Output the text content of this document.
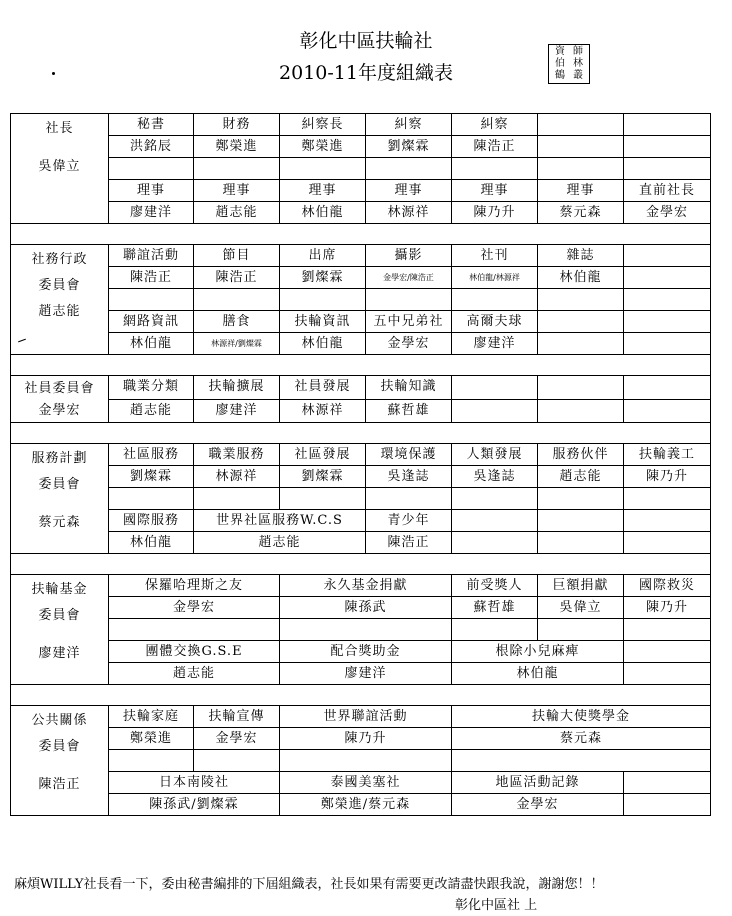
彰化中區扶輪社
2010-11年度組織表
資 師
伯 林
鶴 叢
社長
吳偉立	秘書	財務	糾察長	糾察	糾察		
	洪銘辰	鄭榮進	鄭榮進	劉燦霖	陳浩正		

	理事	理事	理事	理事	理事	理事	直前社長
	廖建洋	趙志能	林伯龍	林源祥	陳乃升	蔡元森	金學宏

社務行政
委員會
趙志能	聯誼活動	節目	出席	攝影	社刊	雜誌	
	陳浩正	陳浩正	劉燦霖	金學宏/陳浩正	林伯龍/林源祥	林伯龍	

	網路資訊	膳食	扶輪資訊	五中兄弟社	高爾夫球		
	林伯龍	林源祥/劉燦霖	林伯龍	金學宏	廖建洋		

社員委員會
金學宏	職業分類	扶輪擴展	社員發展	扶輪知識			
	趙志能	廖建洋	林源祥	蘇哲雄			

服務計劃
委員會
蔡元森	社區服務	職業服務	社區發展	環境保護	人類發展	服務伙伴	扶輪義工
	劉燦霖	林源祥	劉燦霖	吳逢誌	吳逢誌	趙志能	陳乃升

	國際服務	世界社區服務W.C.S		青少年			
	林伯龍	趙志能		陳浩正			

扶輪基金
委員會
廖建洋	保羅哈理斯之友		永久基金捐獻		前受獎人	巨額捐獻	國際救災
	金學宏		陳孫武		蘇哲雄	吳偉立	陳乃升

	團體交換G.S.E		配合獎助金		根除小兒麻痺		
	趙志能		廖建洋		林伯龍		

公共關係
委員會
陳浩正	扶輪家庭	扶輪宣傳	世界聯誼活動		扶輪大使獎學金		
	鄭榮進	金學宏	陳乃升		蔡元森		

	日本南陵社		泰國美塞社		地區活動記錄		
	陳孫武/劉燦霖		鄭榮進/蔡元森		金學宏		
麻煩WILLY社長看一下，委由秘書編排的下屆組織表，社長如果有需要更改請盡快跟我說，謝謝您！！
彰化中區社 上
